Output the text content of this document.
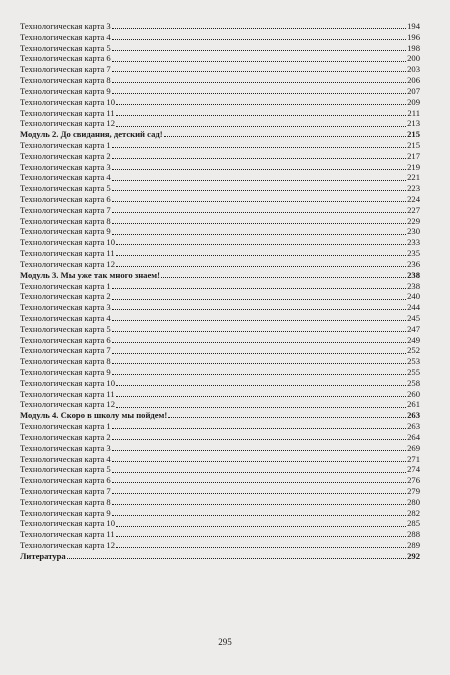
Технологическая карта 3	194
Технологическая карта 4	196
Технологическая карта 5	198
Технологическая карта 6	200
Технологическая карта 7	203
Технологическая карта 8	206
Технологическая карта 9	207
Технологическая карта 10	209
Технологическая карта 11	211
Технологическая карта 12	213
Модуль 2. До свидания, детский сад!	215
Технологическая карта 1	215
Технологическая карта 2	217
Технологическая карта 3	219
Технологическая карта 4	221
Технологическая карта 5	223
Технологическая карта 6	224
Технологическая карта 7	227
Технологическая карта 8	229
Технологическая карта 9	230
Технологическая карта 10	233
Технологическая карта 11	235
Технологическая карта 12	236
Модуль 3. Мы уже так много знаем!	238
Технологическая карта 1	238
Технологическая карта 2	240
Технологическая карта 3	244
Технологическая карта 4	245
Технологическая карта 5	247
Технологическая карта 6	249
Технологическая карта 7	252
Технологическая карта 8	253
Технологическая карта 9	255
Технологическая карта 10	258
Технологическая карта 11	260
Технологическая карта 12	261
Модуль 4. Скоро в школу мы пойдем!	263
Технологическая карта 1	263
Технологическая карта 2	264
Технологическая карта 3	269
Технологическая карта 4	271
Технологическая карта 5	274
Технологическая карта 6	276
Технологическая карта 7	279
Технологическая карта 8	280
Технологическая карта 9	282
Технологическая карта 10	285
Технологическая карта 11	288
Технологическая карта 12	289
Литература	292
295
